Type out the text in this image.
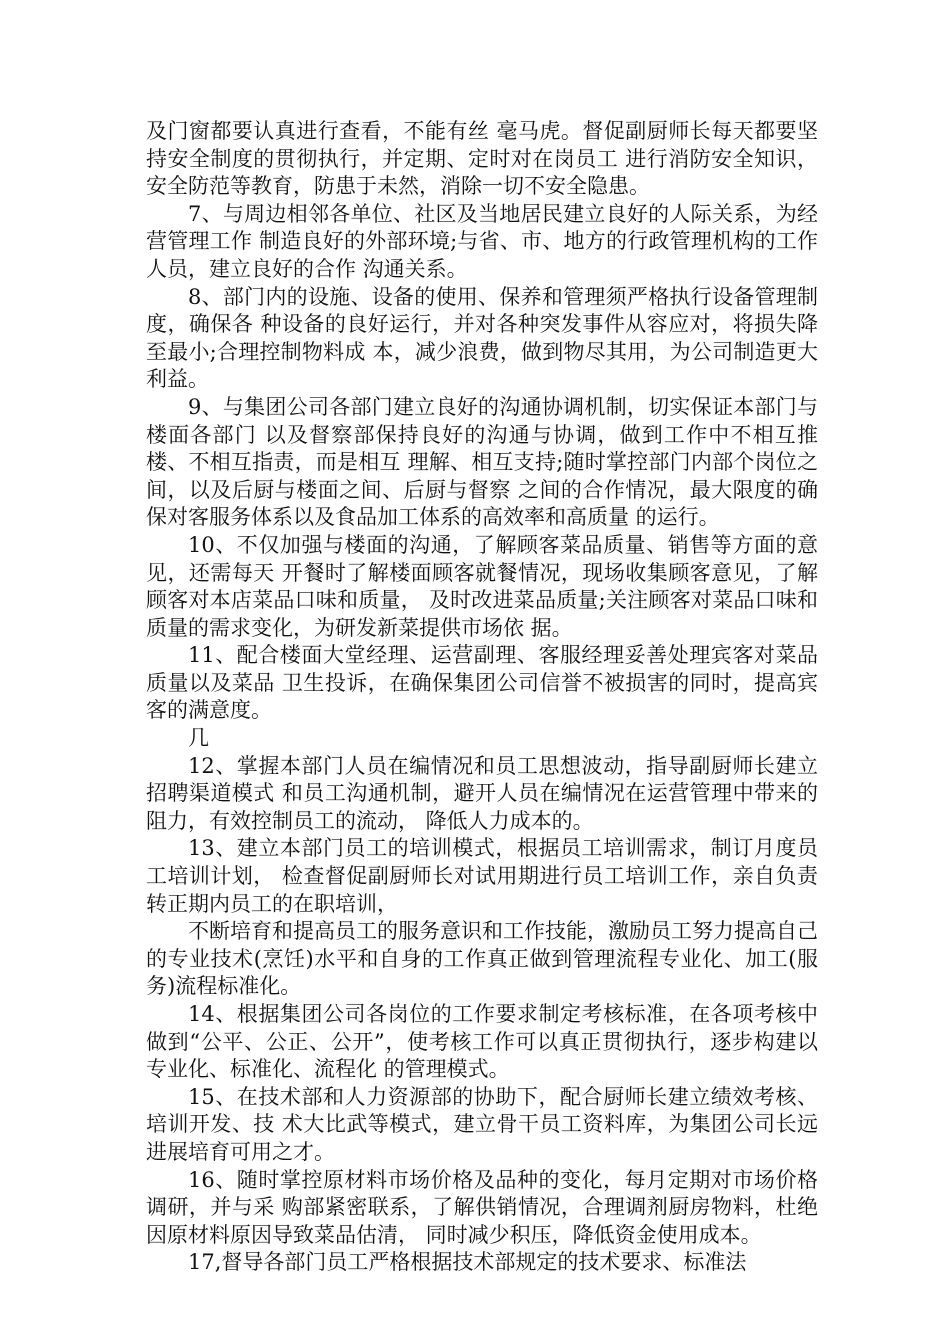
及门窗都要认真进行查看，不能有丝 毫马虎。督促副厨师长每天都要坚持安全制度的贯彻执行，并定期、定时对在岗员工 进行消防安全知识，安全防范等教育，防患于未然，消除一切不安全隐患。

7、与周边相邻各单位、社区及当地居民建立良好的人际关系，为经营管理工作 制造良好的外部环境;与省、市、地方的行政管理机构的工作人员，建立良好的合作 沟通关系。

8、部门内的设施、设备的使用、保养和管理须严格执行设备管理制度，确保各 种设备的良好运行，并对各种突发事件从容应对，将损失降至最小;合理控制物料成 本，减少浪费，做到物尽其用，为公司制造更大利益。

9、与集团公司各部门建立良好的沟通协调机制，切实保证本部门与楼面各部门 以及督察部保持良好的沟通与协调，做到工作中不相互推楼、不相互指责，而是相互 理解、相互支持;随时掌控部门内部个岗位之间，以及后厨与楼面之间、后厨与督察 之间的合作情况，最大限度的确保对客服务体系以及食品加工体系的高效率和高质量 的运行。

10、不仅加强与楼面的沟通，了解顾客菜品质量、销售等方面的意见，还需每天 开餐时了解楼面顾客就餐情况，现场收集顾客意见，了解顾客对本店菜品口味和质量， 及时改进菜品质量;关注顾客对菜品口味和质量的需求变化，为研发新菜提供市场依 据。

11、配合楼面大堂经理、运营副理、客服经理妥善处理宾客对菜品质量以及菜品 卫生投诉，在确保集团公司信誉不被损害的同时，提高宾客的满意度。

几

12、掌握本部门人员在编情况和员工思想波动，指导副厨师长建立招聘渠道模式 和员工沟通机制，避开人员在编情况在运营管理中带来的阻力，有效控制员工的流动， 降低人力成本的。

13、建立本部门员工的培训模式，根据员工培训需求，制订月度员工培训计划， 检查督促副厨师长对试用期进行员工培训工作，亲自负责转正期内员工的在职培训，

不断培育和提高员工的服务意识和工作技能，激励员工努力提高自己的专业技术(烹饪)水平和自身的工作真正做到管理流程专业化、加工(服务)流程标准化。

14、根据集团公司各岗位的工作要求制定考核标准，在各项考核中做到“公平、公正、公开”，使考核工作可以真正贯彻执行，逐步构建以专业化、标准化、流程化 的管理模式。

15、在技术部和人力资源部的协助下，配合厨师长建立绩效考核、培训开发、技 术大比武等模式，建立骨干员工资料库，为集团公司长远进展培育可用之才。

16、随时掌控原材料市场价格及品种的变化，每月定期对市场价格调研，并与采 购部紧密联系，了解供销情况，合理调剂厨房物料，杜绝因原材料原因导致菜品估清， 同时减少积压，降低资金使用成本。

17,督导各部门员工严格根据技术部规定的技术要求、标准法
